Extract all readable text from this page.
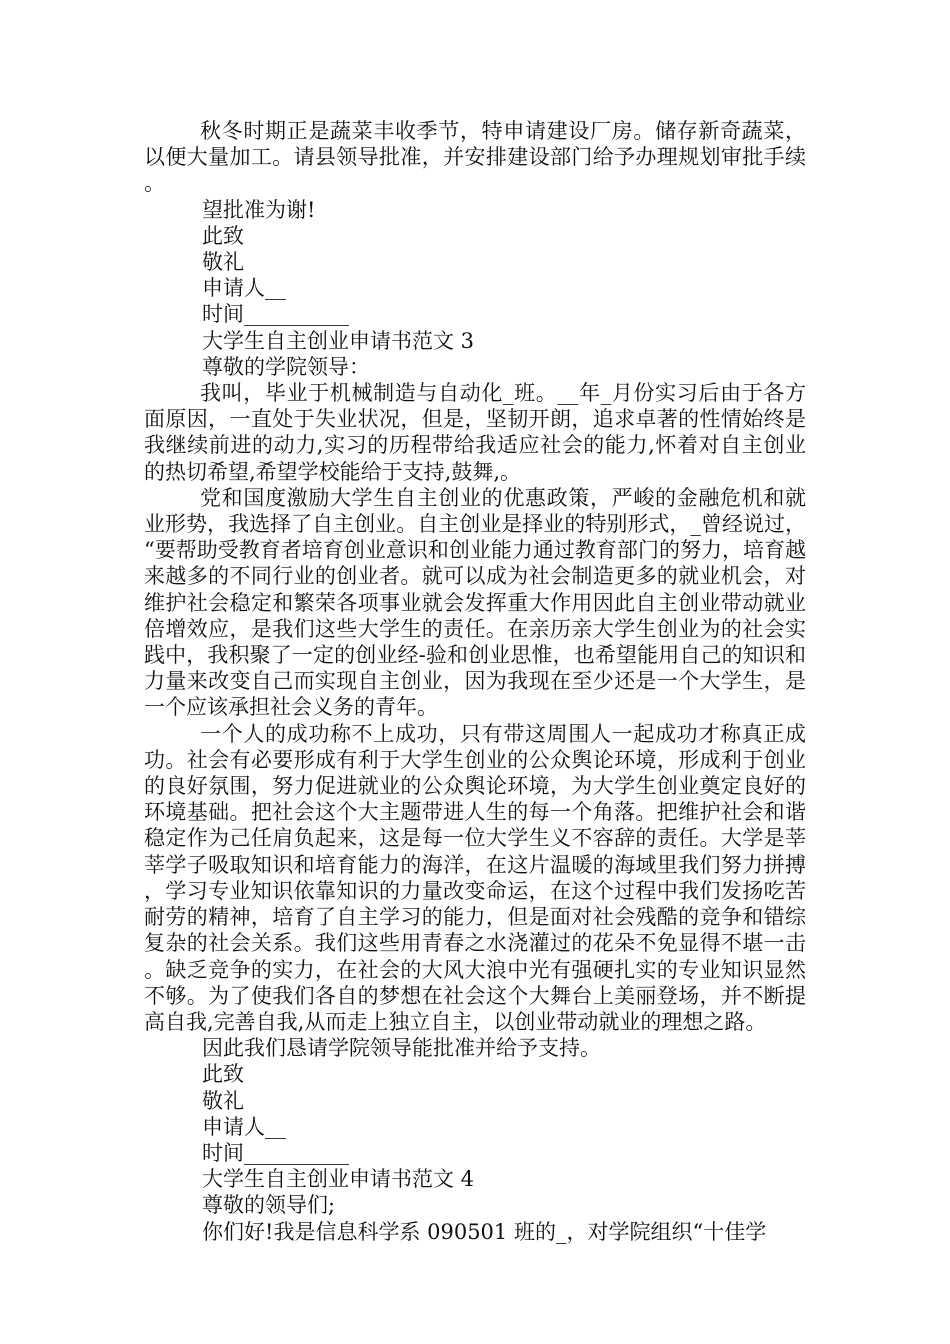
秋冬时期正是蔬菜丰收季节，特申请建设厂房。储存新奇蔬菜，以便大量加工。请县领导批准，并安排建设部门给予办理规划审批手续。

望批准为谢!

此致

敬礼

申请人__

时间__________

大学生自主创业申请书范文 3

尊敬的学院领导：

我叫，毕业于机械制造与自动化_班。__年_月份实习后由于各方面原因，一直处于失业状况，但是，坚韧开朗，追求卓著的性情始终是我继续前进的动力,实习的历程带给我适应社会的能力,怀着对自主创业的热切希望,希望学校能给于支持,鼓舞,。

党和国度激励大学生自主创业的优惠政策，严峻的金融危机和就业形势，我选择了自主创业。自主创业是择业的特别形式，_曾经说过，“要帮助受教育者培育创业意识和创业能力通过教育部门的努力，培育越来越多的不同行业的创业者。就可以成为社会制造更多的就业机会，对维护社会稳定和繁荣各项事业就会发挥重大作用因此自主创业带动就业倍增效应，是我们这些大学生的责任。在亲历亲大学生创业为的社会实践中，我积聚了一定的创业经-验和创业思惟，也希望能用自己的知识和力量来改变自己而实现自主创业，因为我现在至少还是一个大学生，是一个应该承担社会义务的青年。

一个人的成功称不上成功，只有带这周围人一起成功才称真正成功。社会有必要形成有利于大学生创业的公众舆论环境，形成利于创业的良好氛围，努力促进就业的公众舆论环境，为大学生创业奠定良好的环境基础。把社会这个大主题带进人生的每一个角落。把维护社会和谐稳定作为己任肩负起来，这是每一位大学生义不容辞的责任。大学是莘莘学子吸取知识和培育能力的海洋，在这片温暖的海域里我们努力拼搏，学习专业知识依靠知识的力量改变命运，在这个过程中我们发扬吃苦耐劳的精神，培育了自主学习的能力，但是面对社会残酷的竞争和错综复杂的社会关系。我们这些用青春之水浇灌过的花朵不免显得不堪一击。缺乏竞争的实力，在社会的大风大浪中光有强硬扎实的专业知识显然不够。为了使我们各自的梦想在社会这个大舞台上美丽登场，并不断提高自我,完善自我,从而走上独立自主，以创业带动就业的理想之路。

因此我们恳请学院领导能批准并给予支持。

此致

敬礼

申请人__

时间__________

大学生自主创业申请书范文 4

尊敬的领导们;

你们好!我是信息科学系 090501 班的_，对学院组织“十佳学
